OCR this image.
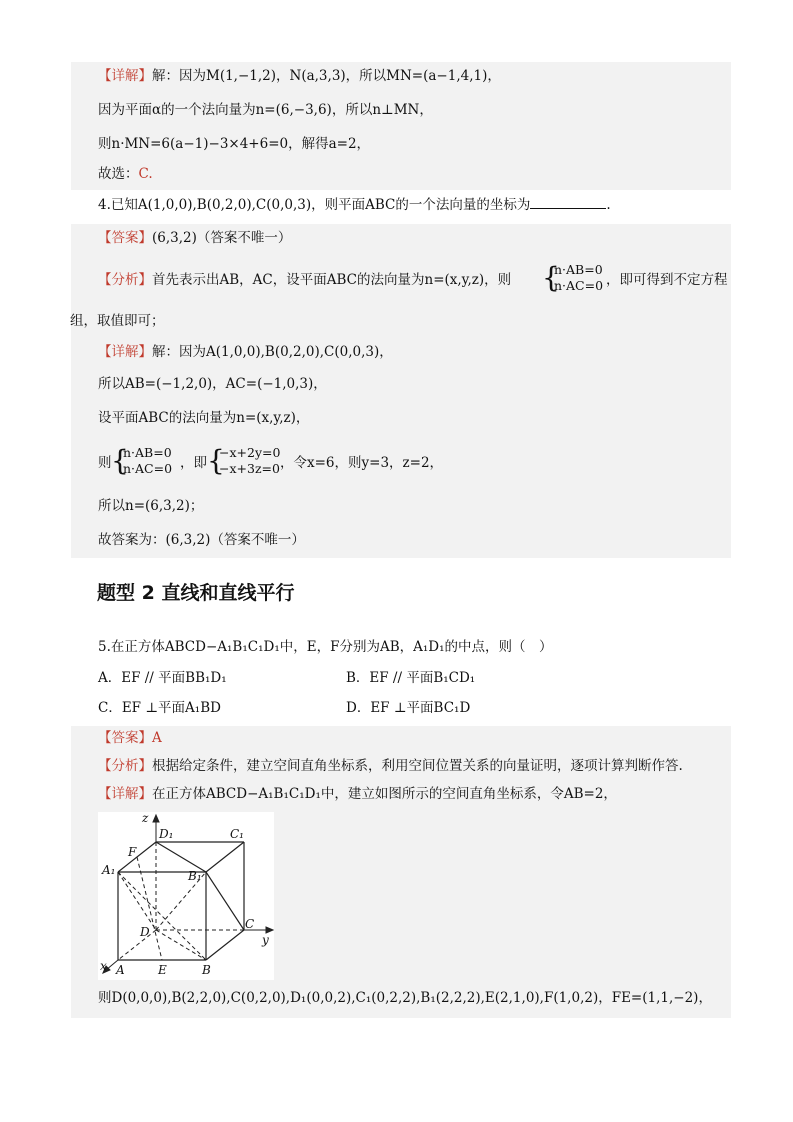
【详解】解：因为M(1,−1,2)，N(a,3,3)，所以MN=(a−1,4,1)，
因为平面α的一个法向量为n=(6,−3,6)，所以n⊥MN，
则n·MN=6(a−1)−3×4+6=0，解得a=2，
故选：C.
4.已知A(1,0,0),B(0,2,0),C(0,0,3)，则平面ABC的一个法向量的坐标为	.
【答案】(6,3,2)（答案不唯一）
【分析】首先表示出AB，AC，设平面ABC的法向量为n=(x,y,z)，则 {
n·AB=0
n·AC=0 ，即可得到不定方程
组，取值即可；
【详解】解：因为A(1,0,0),B(0,2,0),C(0,0,3)，
所以AB=(−1,2,0)，AC=(−1,0,3)，
设平面ABC的法向量为n=(x,y,z)，
则 {
n·AB=0
n·AC=0 ，即 {
−x+2y=0
−x+3z=0 ，令x=6，则y=3，z=2，
所以n=(6,3,2)；
故答案为：(6,3,2)（答案不唯一）
题型 2 直线和直线平行
5.在正方体ABCD−A₁B₁C₁D₁中，E，F分别为AB，A₁D₁的中点，则（　）
A．EF // 平面BB₁D₁	B．EF // 平面B₁CD₁
C．EF ⊥平面A₁BD	D．EF ⊥平面BC₁D
【答案】A
【分析】根据给定条件，建立空间直角坐标系，利用空间位置关系的向量证明，逐项计算判断作答.
【详解】在正方体ABCD−A₁B₁C₁D₁中，建立如图所示的空间直角坐标系，令AB=2，
z
y
x
D₁	C₁
A₁	B₁
F
D
C
A	E	B
则D(0,0,0),B(2,2,0),C(0,2,0),D₁(0,0,2),C₁(0,2,2),B₁(2,2,2),E(2,1,0),F(1,0,2)，FE=(1,1,−2)，
